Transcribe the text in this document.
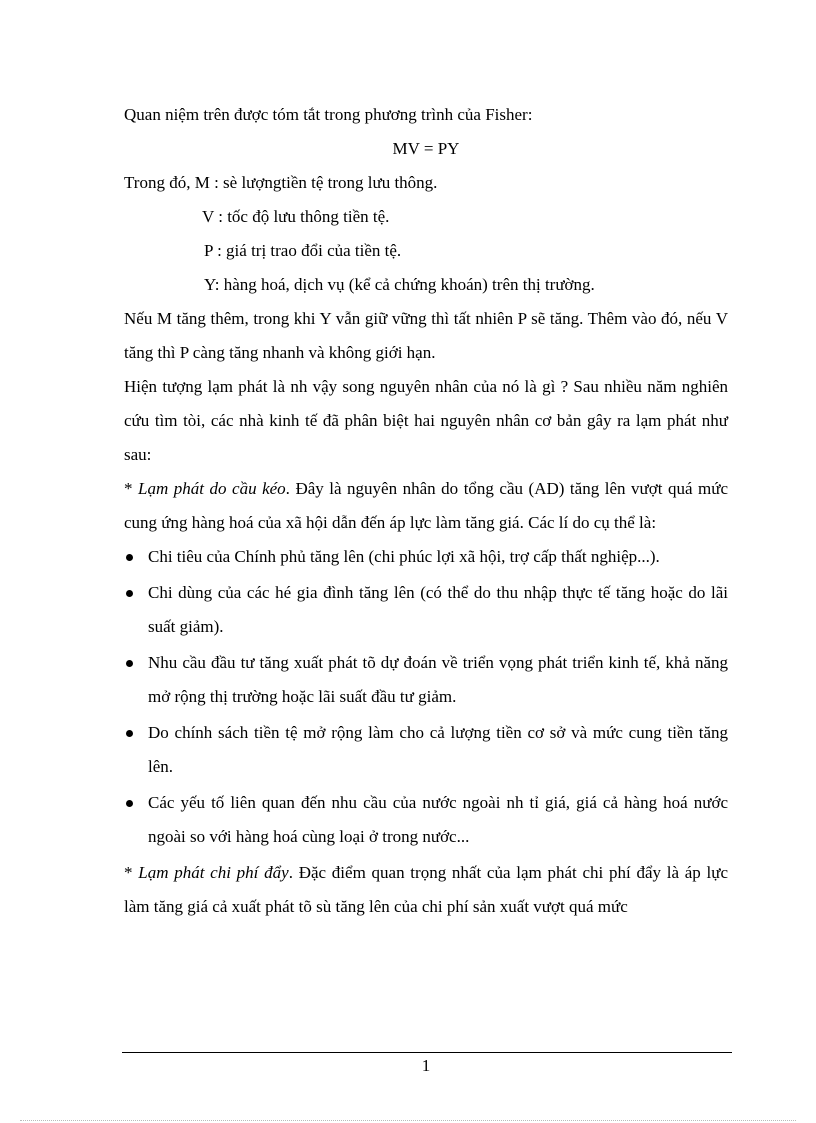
Quan niệm trên được tóm tắt trong phương trình của Fisher:

MV = PY

Trong đó, M : sè lượngtiền tệ trong lưu thông.

V : tốc độ lưu thông tiền tệ.

P : giá trị trao đổi của tiền tệ.

Y: hàng hoá, dịch vụ (kể cả chứng khoán) trên thị trường.

Nếu M tăng thêm, trong khi Y vẫn giữ vững thì tất nhiên P sẽ tăng. Thêm vào đó, nếu V tăng thì P càng tăng nhanh và không giới hạn.

Hiện tượng lạm phát là nh vậy song nguyên nhân của nó là gì ? Sau nhiều năm nghiên cứu tìm tòi, các nhà kinh tế đã phân biệt hai nguyên nhân cơ bản gây ra lạm phát như sau:

* Lạm phát do cầu kéo. Đây là nguyên nhân do tổng cầu (AD) tăng lên vượt quá mức cung ứng hàng hoá của xã hội dẫn đến áp lực làm tăng giá. Các lí do cụ thể là:

Chi tiêu của Chính phủ tăng lên (chi phúc lợi xã hội, trợ cấp thất nghiệp...).
Chi dùng của các hé gia đình tăng lên (có thể do thu nhập thực tế tăng hoặc do lãi suất giảm).
Nhu cầu đầu tư tăng xuất phát tõ dự đoán về triển vọng phát triển kinh tế, khả năng mở rộng thị trường hoặc lãi suất đầu tư giảm.
Do chính sách tiền tệ mở rộng làm cho cả lượng tiền cơ sở và mức cung tiền tăng lên.
Các yếu tố liên quan đến nhu cầu của nước ngoài nh tỉ giá, giá cả hàng hoá nước ngoài so với hàng hoá cùng loại ở trong nước...

* Lạm phát chi phí đẩy. Đặc điểm quan trọng nhất của lạm phát chi phí đẩy là áp lực làm tăng giá cả xuất phát tõ sù tăng lên của chi phí sản xuất vượt quá mức

1
